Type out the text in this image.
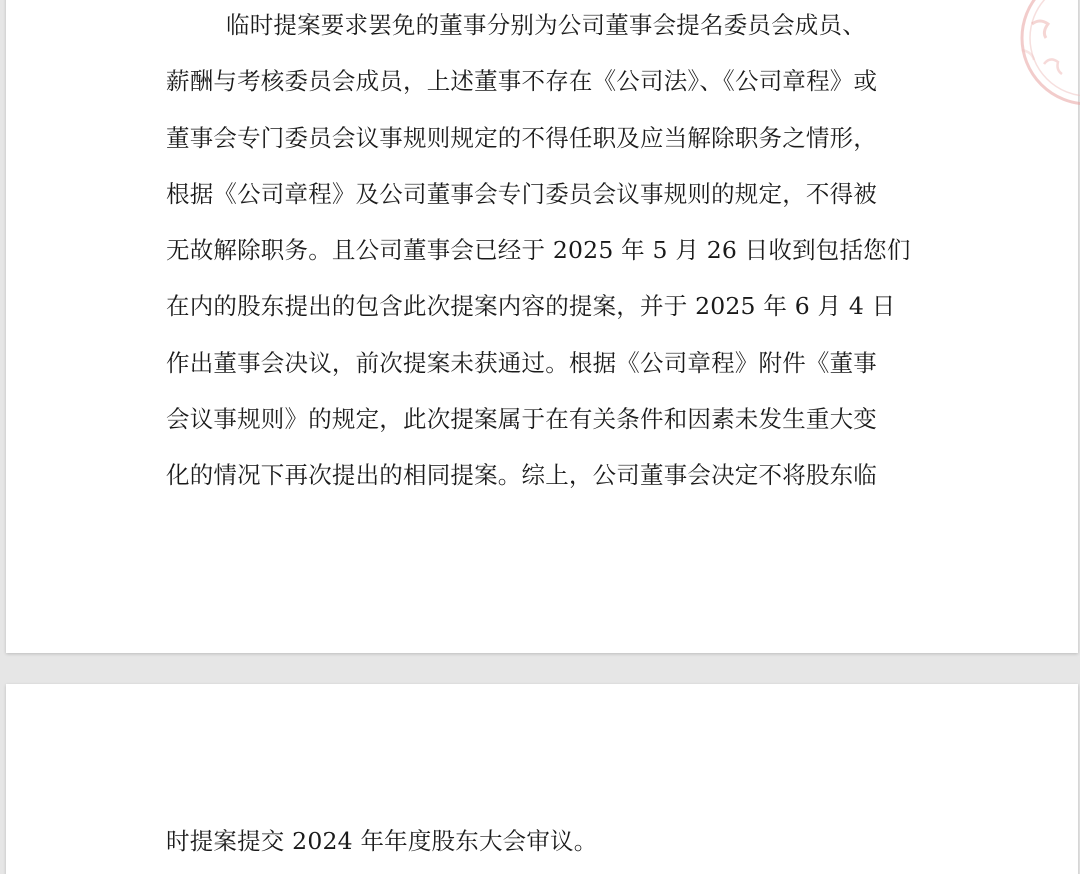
临时提案要求罢免的董事分别为公司董事会提名委员会成员、

薪酬与考核委员会成员，上述董事不存在《公司法》、《公司章程》或

董事会专门委员会议事规则规定的不得任职及应当解除职务之情形，

根据《公司章程》及公司董事会专门委员会议事规则的规定，不得被

无故解除职务。且公司董事会已经于 2025 年 5 月 26 日收到包括您们

在内的股东提出的包含此次提案内容的提案，并于 2025 年 6 月 4 日

作出董事会决议，前次提案未获通过。根据《公司章程》附件《董事

会议事规则》的规定，此次提案属于在有关条件和因素未发生重大变

化的情况下再次提出的相同提案。综上，公司董事会决定不将股东临

时提案提交 2024 年年度股东大会审议。
